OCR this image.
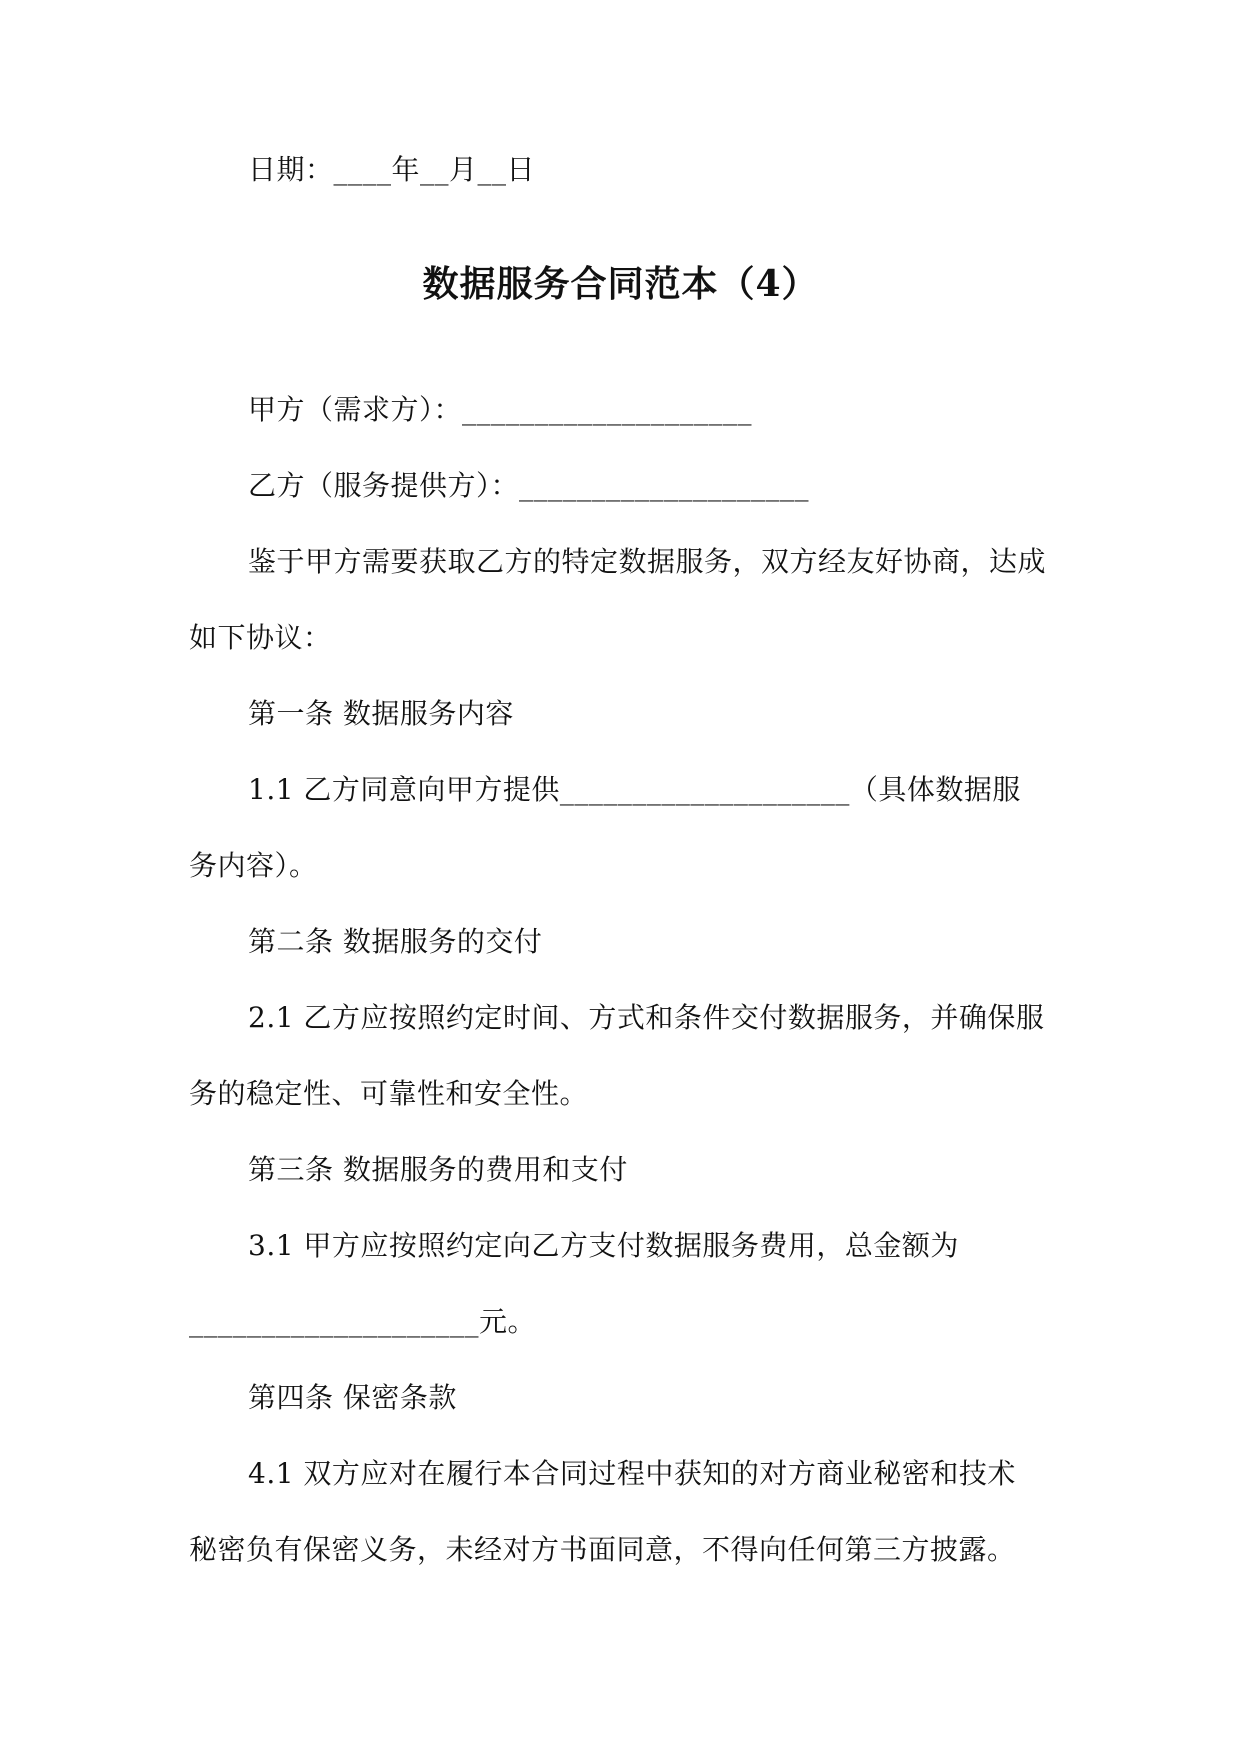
日期：____年__月__日
数据服务合同范本（4）
甲方（需求方）：____________________
乙方（服务提供方）：____________________
鉴于甲方需要获取乙方的特定数据服务，双方经友好协商，达成
如下协议：
第一条 数据服务内容
1.1 乙方同意向甲方提供____________________（具体数据服
务内容）。
第二条 数据服务的交付
2.1 乙方应按照约定时间、方式和条件交付数据服务，并确保服
务的稳定性、可靠性和安全性。
第三条 数据服务的费用和支付
3.1 甲方应按照约定向乙方支付数据服务费用，总金额为
____________________元。
第四条 保密条款
4.1 双方应对在履行本合同过程中获知的对方商业秘密和技术
秘密负有保密义务，未经对方书面同意，不得向任何第三方披露。
